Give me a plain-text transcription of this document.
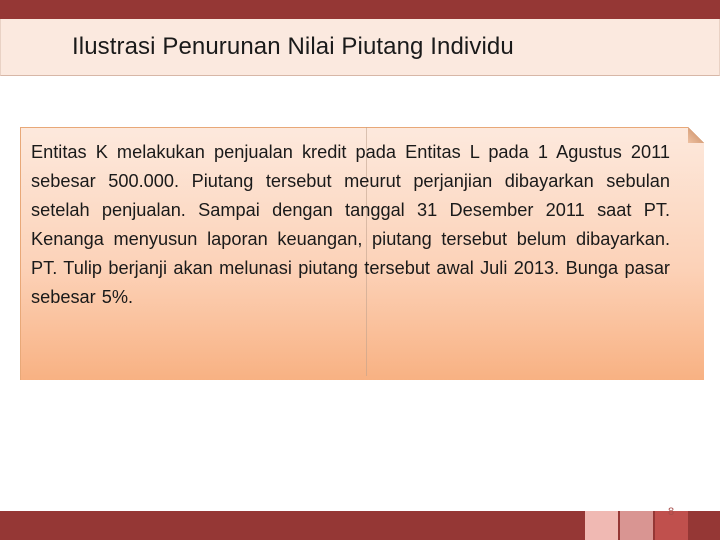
Ilustrasi Penurunan Nilai Piutang Individu

Entitas K melakukan penjualan kredit pada Entitas L pada 1 Agustus 2011 sebesar 500.000. Piutang tersebut meurut perjanjian dibayarkan sebulan setelah penjualan. Sampai dengan tanggal 31 Desember 2011 saat PT. Kenanga menyusun laporan keuangan, piutang tersebut belum dibayarkan. PT. Tulip berjanji akan melunasi piutang tersebut awal Juli 2013. Bunga pasar sebesar 5%.

8
